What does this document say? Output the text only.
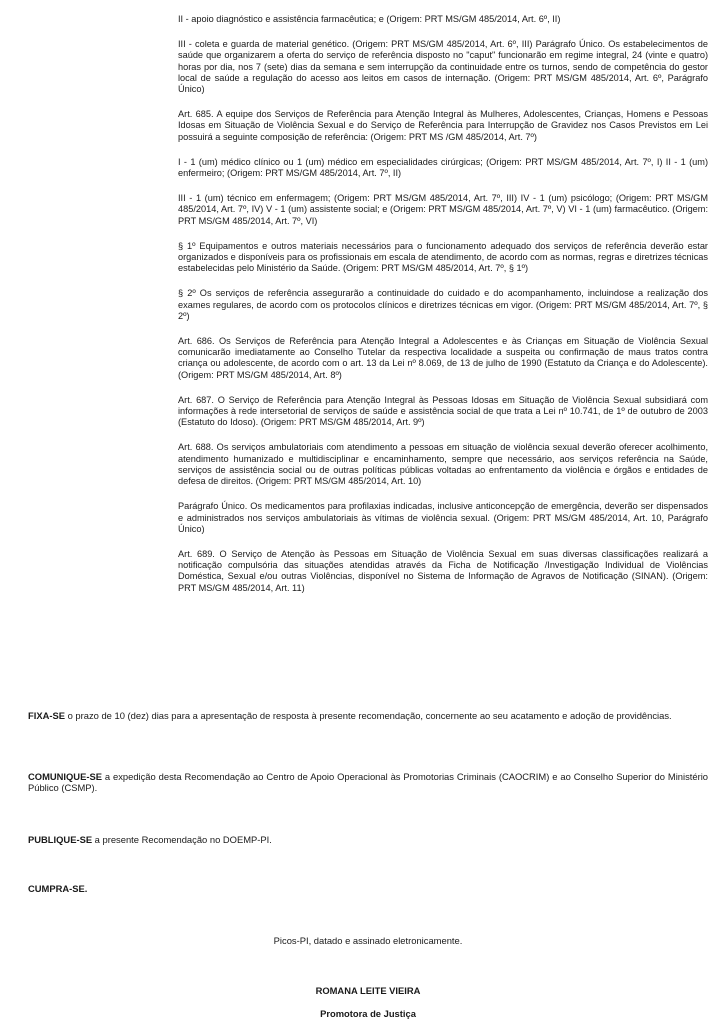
II - apoio diagnóstico e assistência farmacêutica; e (Origem: PRT MS/GM 485/2014, Art. 6º, II)

III - coleta e guarda de material genético. (Origem: PRT MS/GM 485/2014, Art. 6º, III) Parágrafo Único. Os estabelecimentos de saúde que organizarem a oferta do serviço de referência disposto no "caput" funcionarão em regime integral, 24 (vinte e quatro) horas por dia, nos 7 (sete) dias da semana e sem interrupção da continuidade entre os turnos, sendo de competência do gestor local de saúde a regulação do acesso aos leitos em casos de internação. (Origem: PRT MS/GM 485/2014, Art. 6º, Parágrafo Único)

Art. 685. A equipe dos Serviços de Referência para Atenção Integral às Mulheres, Adolescentes, Crianças, Homens e Pessoas Idosas em Situação de Violência Sexual e do Serviço de Referência para Interrupção de Gravidez nos Casos Previstos em Lei possuirá a seguinte composição de referência: (Origem: PRT MS /GM 485/2014, Art. 7º)

I - 1 (um) médico clínico ou 1 (um) médico em especialidades cirúrgicas; (Origem: PRT MS/GM 485/2014, Art. 7º, I) II - 1 (um) enfermeiro; (Origem: PRT MS/GM 485/2014, Art. 7º, II)

III - 1 (um) técnico em enfermagem; (Origem: PRT MS/GM 485/2014, Art. 7º, III) IV - 1 (um) psicólogo; (Origem: PRT MS/GM 485/2014, Art. 7º, IV) V - 1 (um) assistente social; e (Origem: PRT MS/GM 485/2014, Art. 7º, V) VI - 1 (um) farmacêutico. (Origem: PRT MS/GM 485/2014, Art. 7º, VI)

§ 1º Equipamentos e outros materiais necessários para o funcionamento adequado dos serviços de referência deverão estar organizados e disponíveis para os profissionais em escala de atendimento, de acordo com as normas, regras e diretrizes técnicas estabelecidas pelo Ministério da Saúde. (Origem: PRT MS/GM 485/2014, Art. 7º, § 1º)

§ 2º Os serviços de referência assegurarão a continuidade do cuidado e do acompanhamento, incluindose a realização dos exames regulares, de acordo com os protocolos clínicos e diretrizes técnicas em vigor. (Origem: PRT MS/GM 485/2014, Art. 7º, § 2º)

Art. 686. Os Serviços de Referência para Atenção Integral a Adolescentes e às Crianças em Situação de Violência Sexual comunicarão imediatamente ao Conselho Tutelar da respectiva localidade a suspeita ou confirmação de maus tratos contra criança ou adolescente, de acordo com o art. 13 da Lei nº 8.069, de 13 de julho de 1990 (Estatuto da Criança e do Adolescente). (Origem: PRT MS/GM 485/2014, Art. 8º)

Art. 687. O Serviço de Referência para Atenção Integral às Pessoas Idosas em Situação de Violência Sexual subsidiará com informações à rede intersetorial de serviços de saúde e assistência social de que trata a Lei nº 10.741, de 1º de outubro de 2003 (Estatuto do Idoso). (Origem: PRT MS/GM 485/2014, Art. 9º)

Art. 688. Os serviços ambulatoriais com atendimento a pessoas em situação de violência sexual deverão oferecer acolhimento, atendimento humanizado e multidisciplinar e encaminhamento, sempre que necessário, aos serviços referência na Saúde, serviços de assistência social ou de outras políticas públicas voltadas ao enfrentamento da violência e órgãos e entidades de defesa de direitos. (Origem: PRT MS/GM 485/2014, Art. 10)

Parágrafo Único. Os medicamentos para profilaxias indicadas, inclusive anticoncepção de emergência, deverão ser dispensados e administrados nos serviços ambulatoriais às vítimas de violência sexual. (Origem: PRT MS/GM 485/2014, Art. 10, Parágrafo Único)

Art. 689. O Serviço de Atenção às Pessoas em Situação de Violência Sexual em suas diversas classificações realizará a notificação compulsória das situações atendidas através da Ficha de Notificação /Investigação Individual de Violências Doméstica, Sexual e/ou outras Violências, disponível no Sistema de Informação de Agravos de Notificação (SINAN). (Origem: PRT MS/GM 485/2014, Art. 11)

FIXA-SE o prazo de 10 (dez) dias para a apresentação de resposta à presente recomendação, concernente ao seu acatamento e adoção de providências.

COMUNIQUE-SE a expedição desta Recomendação ao Centro de Apoio Operacional às Promotorias Criminais (CAOCRIM) e ao Conselho Superior do Ministério Público (CSMP).

PUBLIQUE-SE a presente Recomendação no DOEMP-PI.

CUMPRA-SE.

Picos-PI, datado e assinado eletronicamente.

ROMANA LEITE VIEIRA

Promotora de Justiça
